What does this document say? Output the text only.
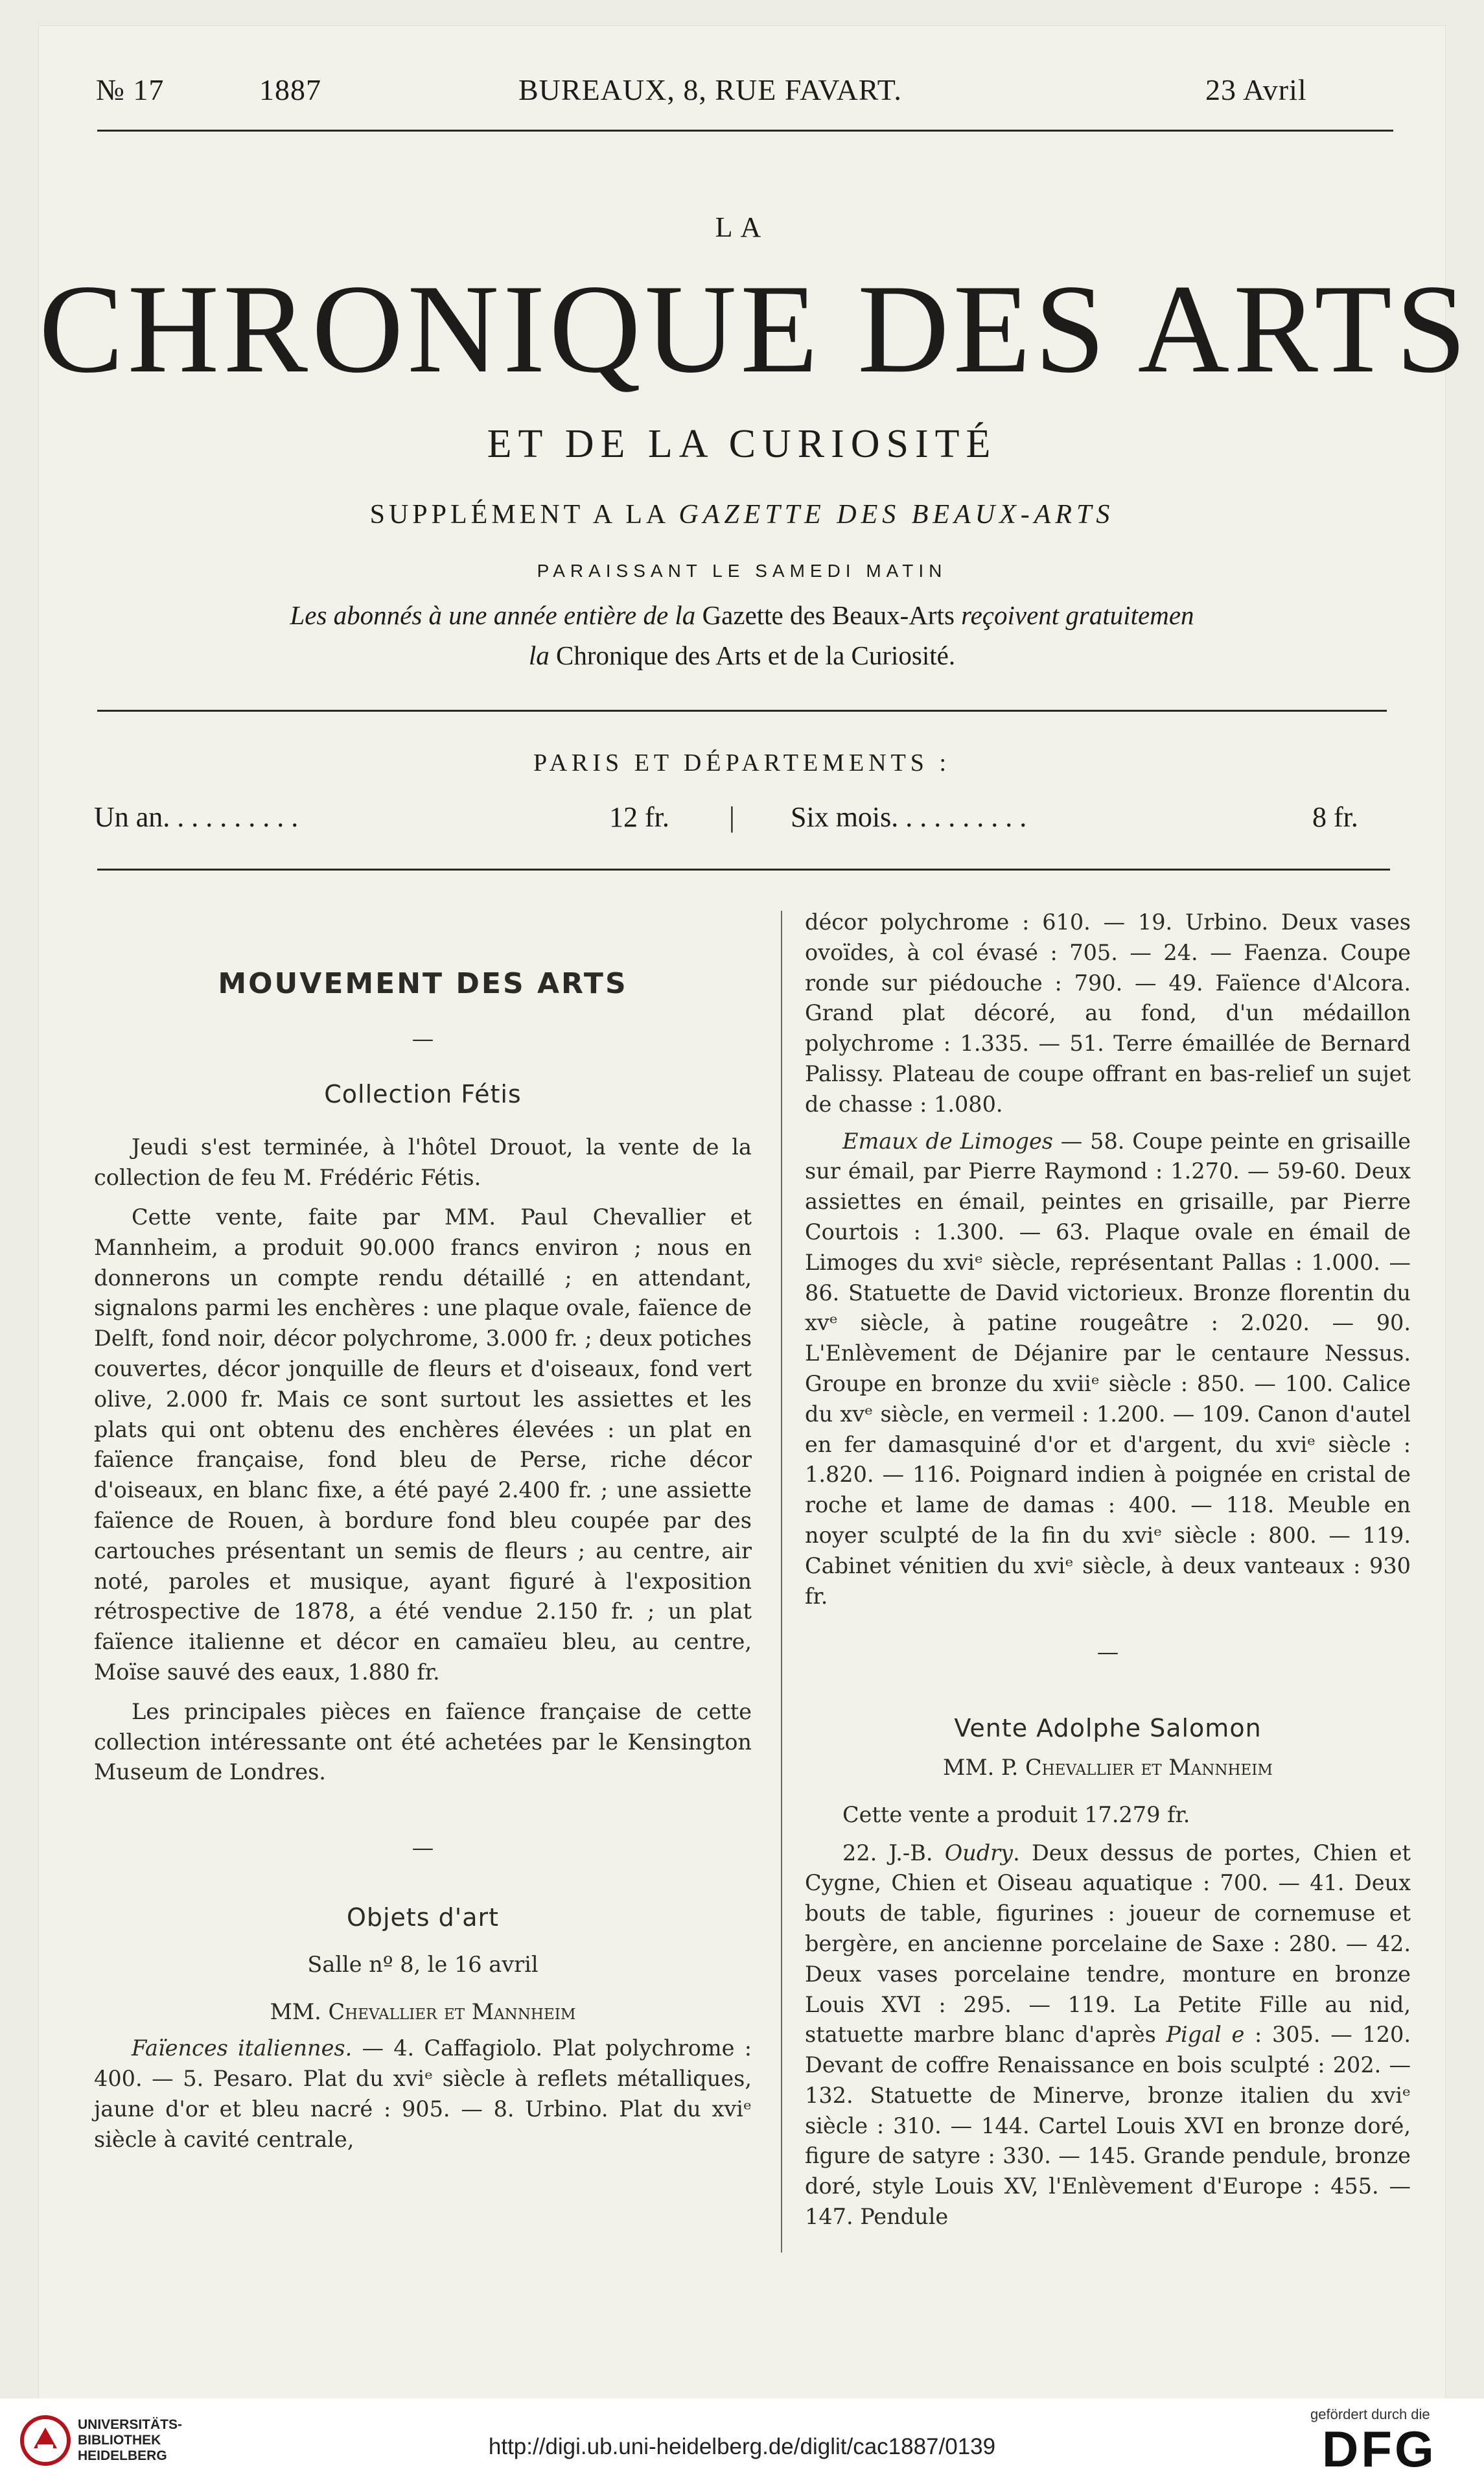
№ 17	1887	BUREAUX, 8, RUE FAVART.	23 Avril
LA
CHRONIQUE DES ARTS
ET DE LA CURIOSITÉ
SUPPLÉMENT A LA GAZETTE DES BEAUX-ARTS
PARAISSANT LE SAMEDI MATIN
Les abonnés à une année entière de la Gazette des Beaux-Arts reçoivent gratuitemen
la Chronique des Arts et de la Curiosité.
PARIS ET DÉPARTEMENTS :
Un an. . . . . . . . . .	12 fr. | Six mois. . . . . . . . . .	8 fr.
MOUVEMENT DES ARTS
—
Collection Fétis

Jeudi s'est terminée, à l'hôtel Drouot, la vente de la collection de feu M. Frédéric Fétis.

Cette vente, faite par MM. Paul Chevallier et Mannheim, a produit 90.000 francs environ ; nous en donnerons un compte rendu détaillé ; en attendant, signalons parmi les enchères : une plaque ovale, faïence de Delft, fond noir, décor polychrome, 3.000 fr. ; deux potiches couvertes, décor jonquille de fleurs et d'oiseaux, fond vert olive, 2.000 fr. Mais ce sont surtout les assiettes et les plats qui ont obtenu des enchères élevées : un plat en faïence française, fond bleu de Perse, riche décor d'oiseaux, en blanc fixe, a été payé 2.400 fr. ; une assiette faïence de Rouen, à bordure fond bleu coupée par des cartouches présentant un semis de fleurs ; au centre, air noté, paroles et musique, ayant figuré à l'exposition rétrospective de 1878, a été vendue 2.150 fr. ; un plat faïence italienne et décor en camaïeu bleu, au centre, Moïse sauvé des eaux, 1.880 fr.

Les principales pièces en faïence française de cette collection intéressante ont été achetées par le Kensington Museum de Londres.

—
Objets d'art
Salle nº 8, le 16 avril
MM. Chevallier et Mannheim

Faïences italiennes. — 4. Caffagiolo. Plat polychrome : 400. — 5. Pesaro. Plat du xviᵉ siècle à reflets métalliques, jaune d'or et bleu nacré : 905. — 8. Urbino. Plat du xviᵉ siècle à cavité centrale,

décor polychrome : 610. — 19. Urbino. Deux vases ovoïdes, à col évasé : 705. — 24. — Faenza. Coupe ronde sur piédouche : 790. — 49. Faïence d'Alcora. Grand plat décoré, au fond, d'un médaillon polychrome : 1.335. — 51. Terre émaillée de Bernard Palissy. Plateau de coupe offrant en bas-relief un sujet de chasse : 1.080.

Emaux de Limoges — 58. Coupe peinte en grisaille sur émail, par Pierre Raymond : 1.270. — 59-60. Deux assiettes en émail, peintes en grisaille, par Pierre Courtois : 1.300. — 63. Plaque ovale en émail de Limoges du xviᵉ siècle, représentant Pallas : 1.000. — 86. Statuette de David victorieux. Bronze florentin du xvᵉ siècle, à patine rougeâtre : 2.020. — 90. L'Enlèvement de Déjanire par le centaure Nessus. Groupe en bronze du xviiᵉ siècle : 850. — 100. Calice du xvᵉ siècle, en vermeil : 1.200. — 109. Canon d'autel en fer damasquiné d'or et d'argent, du xviᵉ siècle : 1.820. — 116. Poignard indien à poignée en cristal de roche et lame de damas : 400. — 118. Meuble en noyer sculpté de la fin du xviᵉ siècle : 800. — 119. Cabinet vénitien du xviᵉ siècle, à deux vanteaux : 930 fr.

—
Vente Adolphe Salomon
MM. P. Chevallier et Mannheim

Cette vente a produit 17.279 fr.

22. J.-B. Oudry. Deux dessus de portes, Chien et Cygne, Chien et Oiseau aquatique : 700. — 41. Deux bouts de table, figurines : joueur de cornemuse et bergère, en ancienne porcelaine de Saxe : 280. — 42. Deux vases porcelaine tendre, monture en bronze Louis XVI : 295. — 119. La Petite Fille au nid, statuette marbre blanc d'après Pigal e : 305. — 120. Devant de coffre Renaissance en bois sculpté : 202. — 132. Statuette de Minerve, bronze italien du xviᵉ siècle : 310. — 144. Cartel Louis XVI en bronze doré, figure de satyre : 330. — 145. Grande pendule, bronze doré, style Louis XV, l'Enlèvement d'Europe : 455. — 147. Pendule

UNIVERSITÄTS-
BIBLIOTHEK
HEIDELBERG	http://digi.ub.uni-heidelberg.de/diglit/cac1887/0139
gefördert durch die
DFG
